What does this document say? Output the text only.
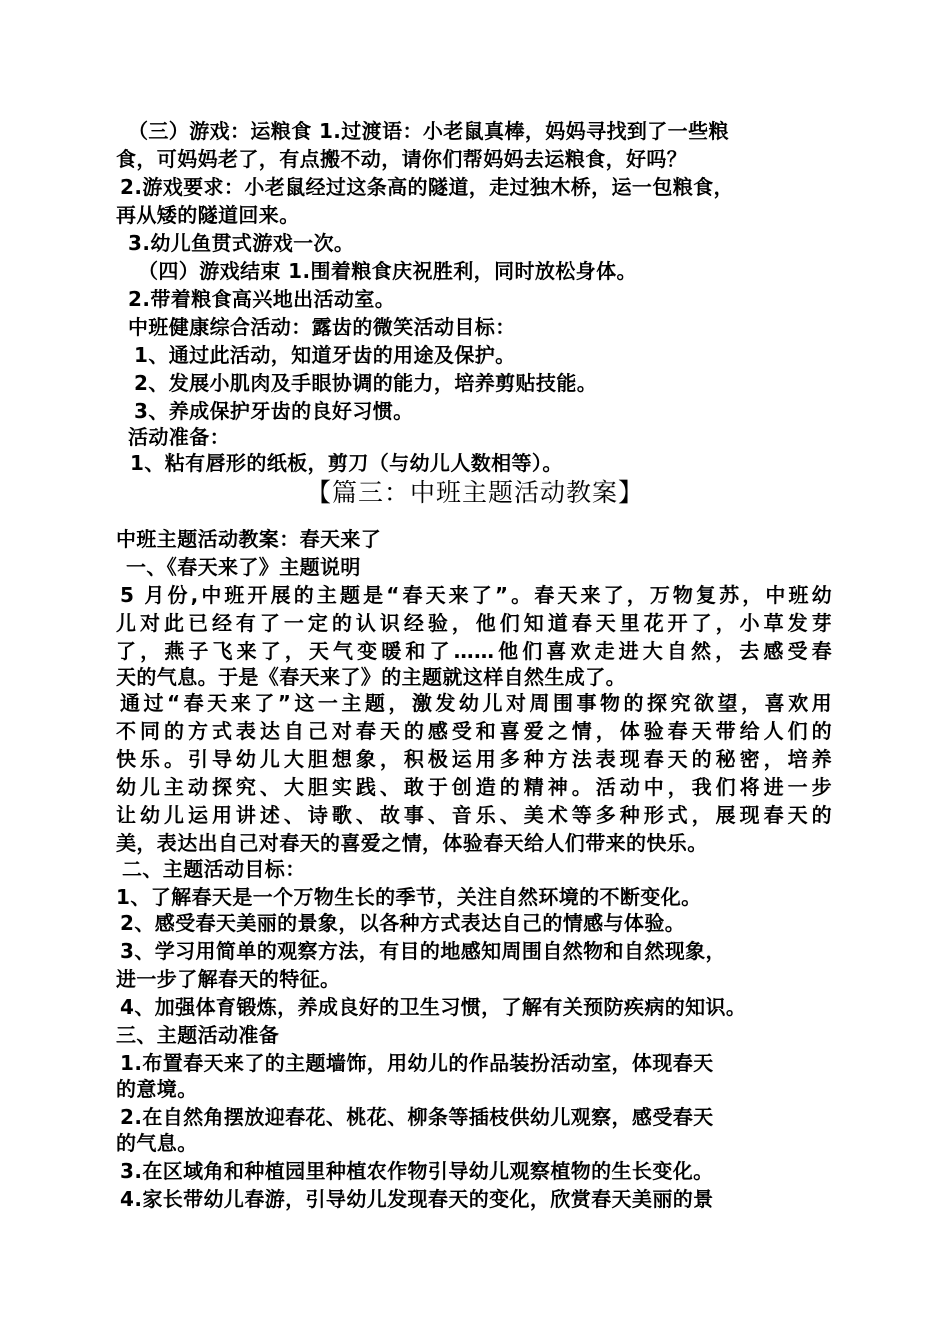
（三）游戏：运粮食 1.过渡语：小老鼠真棒，妈妈寻找到了一些粮
食，可妈妈老了，有点搬不动，请你们帮妈妈去运粮食，好吗？
2.游戏要求：小老鼠经过这条高的隧道，走过独木桥，运一包粮食，
再从矮的隧道回来。
3.幼儿鱼贯式游戏一次。
（四）游戏结束 1.围着粮食庆祝胜利，同时放松身体。
2.带着粮食高兴地出活动室。
中班健康综合活动：露齿的微笑活动目标：
1、通过此活动，知道牙齿的用途及保护。
2、发展小肌肉及手眼协调的能力，培养剪贴技能。
3、养成保护牙齿的良好习惯。
活动准备：
1、粘有唇形的纸板，剪刀（与幼儿人数相等）。
【篇三：中班主题活动教案】
中班主题活动教案：春天来了
一、《春天来了》主题说明
5 月份,中班开展的主题是“春天来了”。春天来了，万物复苏，中班幼
儿对此已经有了一定的认识经验，他们知道春天里花开了，小草发芽
了，燕子飞来了，天气变暖和了……他们喜欢走进大自然，去感受春
天的气息。于是《春天来了》的主题就这样自然生成了。
通过“春天来了”这一主题，激发幼儿对周围事物的探究欲望，喜欢用
不同的方式表达自己对春天的感受和喜爱之情，体验春天带给人们的
快乐。引导幼儿大胆想象，积极运用多种方法表现春天的秘密，培养
幼儿主动探究、大胆实践、敢于创造的精神。活动中，我们将进一步
让幼儿运用讲述、诗歌、故事、音乐、美术等多种形式，展现春天的
美，表达出自己对春天的喜爱之情，体验春天给人们带来的快乐。
二、主题活动目标：
1、了解春天是一个万物生长的季节，关注自然环境的不断变化。
2、感受春天美丽的景象，以各种方式表达自己的情感与体验。
3、学习用简单的观察方法，有目的地感知周围自然物和自然现象，
进一步了解春天的特征。
4、加强体育锻炼，养成良好的卫生习惯，了解有关预防疾病的知识。
三、主题活动准备
1.布置春天来了的主题墙饰，用幼儿的作品装扮活动室，体现春天
的意境。
2.在自然角摆放迎春花、桃花、柳条等插枝供幼儿观察，感受春天
的气息。
3.在区域角和种植园里种植农作物引导幼儿观察植物的生长变化。
4.家长带幼儿春游，引导幼儿发现春天的变化，欣赏春天美丽的景
